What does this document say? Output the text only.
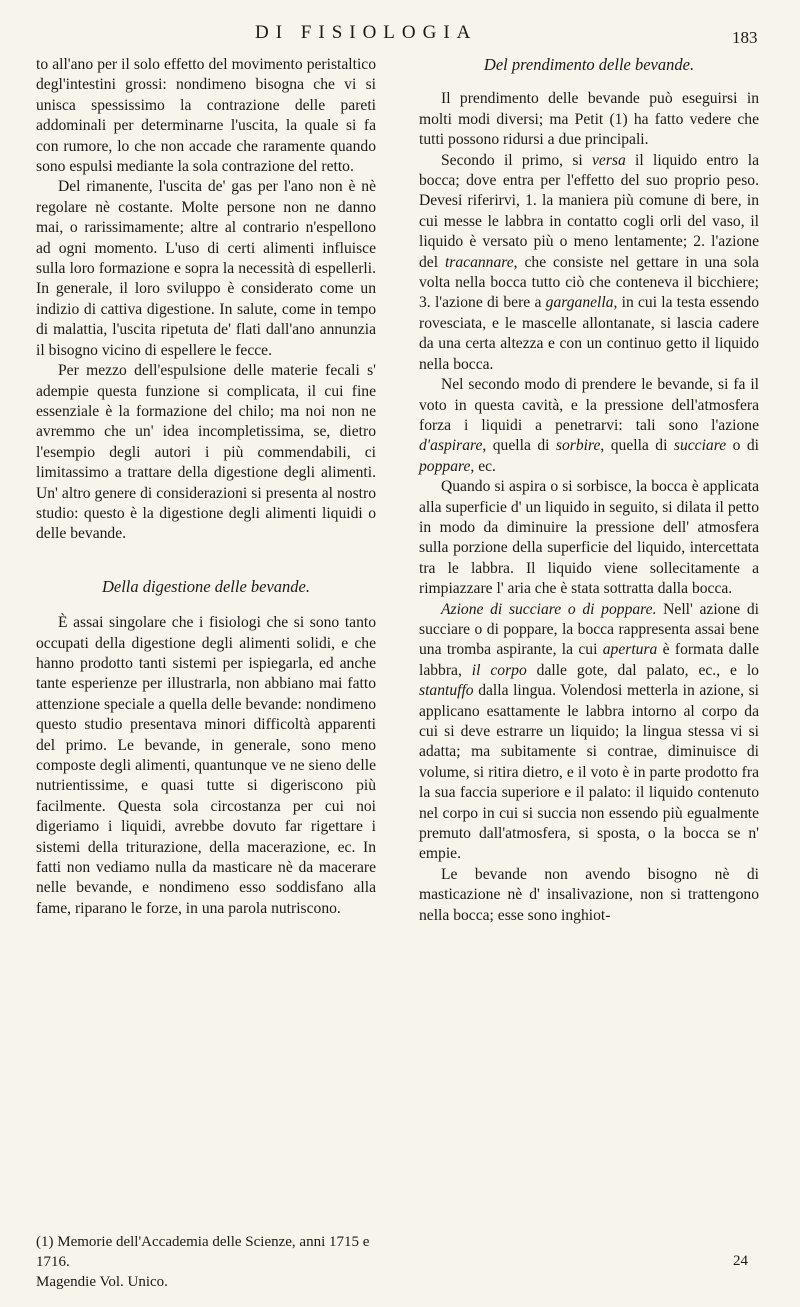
DI FISIOLOGIA	183

to all'ano per il solo effetto del movimento peristaltico degl'intestini grossi: nondimeno bisogna che vi si unisca spessissimo la contrazione delle pareti addominali per determinarne l'uscita, la quale si fa con rumore, lo che non accade che raramente quando sono espulsi mediante la sola contrazione del retto.

Del rimanente, l'uscita de' gas per l'ano non è nè regolare nè costante. Molte persone non ne danno mai, o rarissimamente; altre al contrario n'espellono ad ogni momento. L'uso di certi alimenti influisce sulla loro formazione e sopra la necessità di espellerli. In generale, il loro sviluppo è considerato come un indizio di cattiva digestione. In salute, come in tempo di malattia, l'uscita ripetuta de' flati dall'ano annunzia il bisogno vicino di espellere le fecce.

Per mezzo dell'espulsione delle materie fecali s' adempie questa funzione si complicata, il cui fine essenziale è la formazione del chilo; ma noi non ne avremmo che un' idea incompletissima, se, dietro l'esempio degli autori i più commendabili, ci limitassimo a trattare della digestione degli alimenti. Un' altro genere di considerazioni si presenta al nostro studio: questo è la digestione degli alimenti liquidi o delle bevande.

Della digestione delle bevande.

È assai singolare che i fisiologi che si sono tanto occupati della digestione degli alimenti solidi, e che hanno prodotto tanti sistemi per ispiegarla, ed anche tante esperienze per illustrarla, non abbiano mai fatto attenzione speciale a quella delle bevande: nondimeno questo studio presentava minori difficoltà apparenti del primo. Le bevande, in generale, sono meno composte degli alimenti, quantunque ve ne sieno delle nutrientissime, e quasi tutte si digeriscono più facilmente. Questa sola circostanza per cui noi digeriamo i liquidi, avrebbe dovuto far rigettare i sistemi della triturazione, della macerazione, ec. In fatti non vediamo nulla da masticare nè da macerare nelle bevande, e nondimeno esso soddisfano alla fame, riparano le forze, in una parola nutriscono.

Del prendimento delle bevande.

Il prendimento delle bevande può eseguirsi in molti modi diversi; ma Petit (1) ha fatto vedere che tutti possono ridursi a due principali.

Secondo il primo, si versa il liquido entro la bocca; dove entra per l'effetto del suo proprio peso. Devesi riferirvi, 1. la maniera più comune di bere, in cui messe le labbra in contatto cogli orli del vaso, il liquido è versato più o meno lentamente; 2. l'azione del tracannare, che consiste nel gettare in una sola volta nella bocca tutto ciò che conteneva il bicchiere; 3. l'azione di bere a garganella, in cui la testa essendo rovesciata, e le mascelle allontanate, si lascia cadere da una certa altezza e con un continuo getto il liquido nella bocca.

Nel secondo modo di prendere le bevande, si fa il voto in questa cavità, e la pressione dell'atmosfera forza i liquidi a penetrarvi: tali sono l'azione d'aspirare, quella di sorbire, quella di succiare o di poppare, ec.

Quando si aspira o si sorbisce, la bocca è applicata alla superficie d' un liquido in seguito, si dilata il petto in modo da diminuire la pressione dell' atmosfera sulla porzione della superficie del liquido, intercettata tra le labbra. Il liquido viene sollecitamente a rimpiazzare l' aria che è stata sottratta dalla bocca.

Azione di succiare o di poppare. Nell' azione di succiare o di poppare, la bocca rappresenta assai bene una tromba aspirante, la cui apertura è formata dalle labbra, il corpo dalle gote, dal palato, ec., e lo stantuffo dalla lingua. Volendosi metterla in azione, si applicano esattamente le labbra intorno al corpo da cui si deve estrarre un liquido; la lingua stessa vi si adatta; ma subitamente si contrae, diminuisce di volume, si ritira dietro, e il voto è in parte prodotto fra la sua faccia superiore e il palato: il liquido contenuto nel corpo in cui si succia non essendo più egualmente premuto dall'atmosfera, si sposta, o la bocca se n' empie.

Le bevande non avendo bisogno nè di masticazione nè d' insalivazione, non si trattengono nella bocca; esse sono inghiot-

(1) Memorie dell'Accademia delle Scienze, anni 1715 e 1716.
Magendie Vol. Unico.
24
